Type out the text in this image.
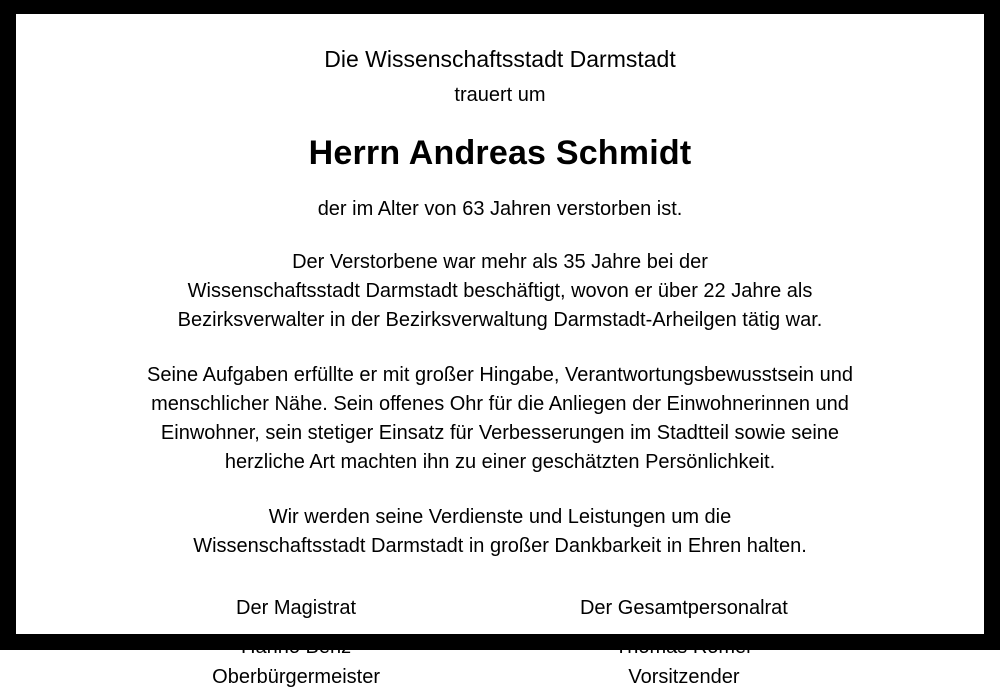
Die Wissenschaftsstadt Darmstadt
trauert um
Herrn Andreas Schmidt
der im Alter von 63 Jahren verstorben ist.
Der Verstorbene war mehr als 35 Jahre bei der
Wissenschaftsstadt Darmstadt beschäftigt, wovon er über 22 Jahre als
Bezirksverwalter in der Bezirksverwaltung Darmstadt-Arheilgen tätig war.
Seine Aufgaben erfüllte er mit großer Hingabe, Verantwortungsbewusstsein und
menschlicher Nähe. Sein offenes Ohr für die Anliegen der Einwohnerinnen und
Einwohner, sein stetiger Einsatz für Verbesserungen im Stadtteil sowie seine
herzliche Art machten ihn zu einer geschätzten Persönlichkeit.
Wir werden seine Verdienste und Leistungen um die
Wissenschaftsstadt Darmstadt in großer Dankbarkeit in Ehren halten.
Der Magistrat
Hanno Benz
Oberbürgermeister
Der Gesamtpersonalrat
Thomas Römer
Vorsitzender
